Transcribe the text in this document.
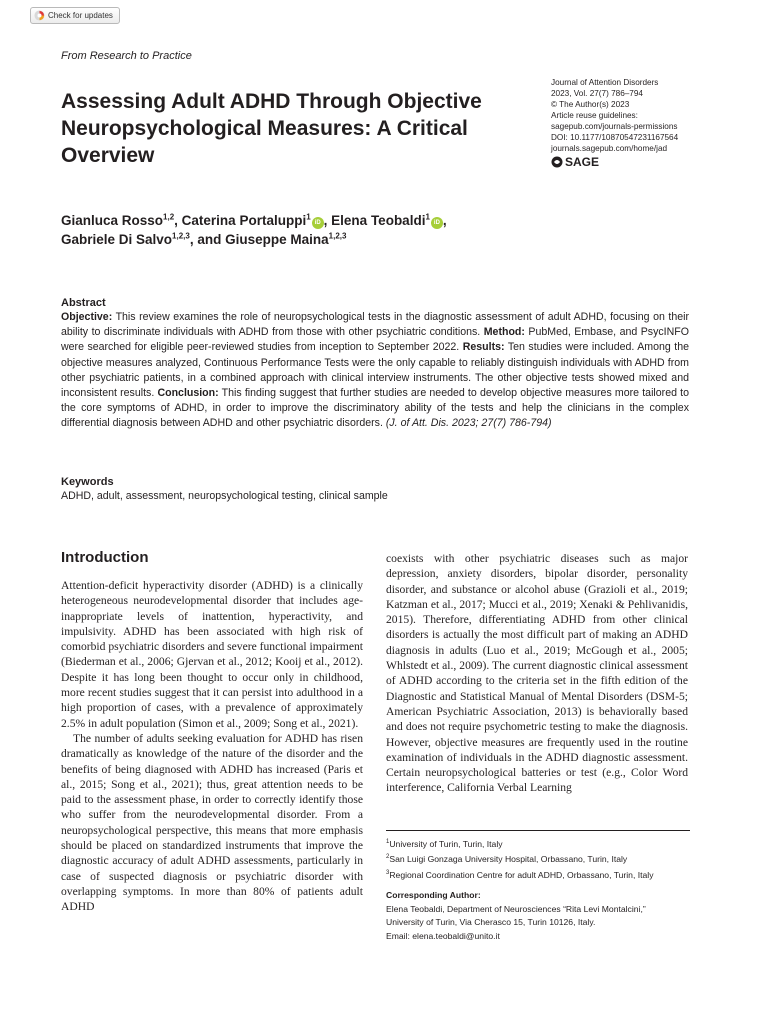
Check for updates
From Research to Practice
Assessing Adult ADHD Through Objective Neuropsychological Measures: A Critical Overview
Journal of Attention Disorders
2023, Vol. 27(7) 786–794
© The Author(s) 2023
Article reuse guidelines:
sagepub.com/journals-permissions
DOI: 10.1177/10870547231167564
journals.sagepub.com/home/jad
SAGE
Gianluca Rosso$^{1,2}$, Caterina Portaluppi$^1$iD , Elena Teobaldi$^1$iD ,
Gabriele Di Salvo$^{1,2,3}$, and Giuseppe Maina$^{1,2,3}$
Abstract
Objective: This review examines the role of neuropsychological tests in the diagnostic assessment of adult ADHD, focusing on their ability to discriminate individuals with ADHD from those with other psychiatric conditions. Method: PubMed, Embase, and PsycINFO were searched for eligible peer-reviewed studies from inception to September 2022. Results: Ten studies were included. Among the objective measures analyzed, Continuous Performance Tests were the only capable to reliably distinguish individuals with ADHD from other psychiatric patients, in a combined approach with clinical interview instruments. The other objective tests showed mixed and inconsistent results. Conclusion: This finding suggest that further studies are needed to develop objective measures more tailored to the core symptoms of ADHD, in order to improve the discriminatory ability of the tests and help the clinicians in the complex differential diagnosis between ADHD and other psychiatric disorders. (J. of Att. Dis. 2023; 27(7) 786-794)
Keywords
ADHD, adult, assessment, neuropsychological testing, clinical sample
Introduction

Attention-deficit hyperactivity disorder (ADHD) is a clinically heterogeneous neurodevelopmental disorder that includes age-inappropriate levels of inattention, hyperactivity, and impulsivity. ADHD has been associated with high risk of comorbid psychiatric disorders and severe functional impairment (Biederman et al., 2006; Gjervan et al., 2012; Kooij et al., 2012). Despite it has long been thought to occur only in childhood, more recent studies suggest that it can persist into adulthood in a high proportion of cases, with a prevalence of approximately 2.5% in adult population (Simon et al., 2009; Song et al., 2021).

The number of adults seeking evaluation for ADHD has risen dramatically as knowledge of the nature of the disorder and the benefits of being diagnosed with ADHD has increased (Paris et al., 2015; Song et al., 2021); thus, great attention needs to be paid to the assessment phase, in order to correctly identify those who suffer from the neurodevelopmental disorder. From a neuropsychological perspective, this means that more emphasis should be placed on standardized instruments that improve the diagnostic accuracy of adult ADHD assessments, particularly in case of suspected diagnosis or psychiatric disorder with overlapping symptoms. In more than 80% of patients adult ADHD

coexists with other psychiatric diseases such as major depression, anxiety disorders, bipolar disorder, personality disorder, and substance or alcohol abuse (Grazioli et al., 2019; Katzman et al., 2017; Mucci et al., 2019; Xenaki & Pehlivanidis, 2015). Therefore, differentiating ADHD from other clinical disorders is actually the most difficult part of making an ADHD diagnosis in adults (Luo et al., 2019; McGough et al., 2005; Whlstedt et al., 2009). The current diagnostic clinical assessment of ADHD according to the criteria set in the fifth edition of the Diagnostic and Statistical Manual of Mental Disorders (DSM-5; American Psychiatric Association, 2013) is behaviorally based and does not require psychometric testing to make the diagnosis. However, objective measures are frequently used in the routine examination of individuals in the ADHD diagnostic assessment. Certain neuropsychological batteries or test (e.g., Color Word interference, California Verbal Learning

$^1$University of Turin, Turin, Italy
$^2$San Luigi Gonzaga University Hospital, Orbassano, Turin, Italy
$^3$Regional Coordination Centre for adult ADHD, Orbassano, Turin, Italy
Corresponding Author:
Elena Teobaldi, Department of Neurosciences “Rita Levi Montalcini,”
University of Turin, Via Cherasco 15, Turin 10126, Italy.
Email: elena.teobaldi@unito.it
